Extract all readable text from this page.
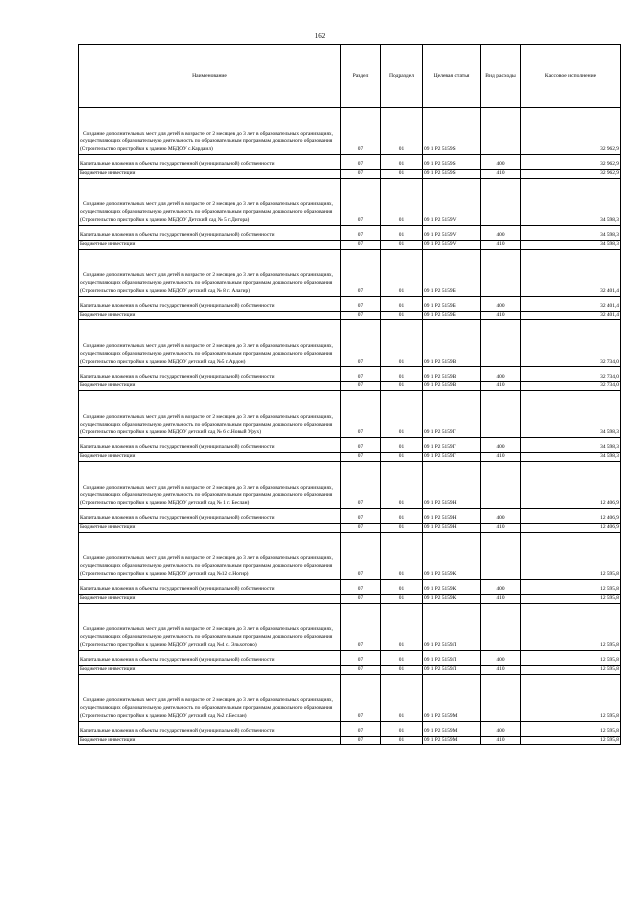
162
Наименование	Раздел	Подраздел	Целевая статья	Вид расходы	Кассовое исполнение
Создание дополнительных мест для детей в возрасте от 2 месяцев до 3 лет в образовательных организациях, осуществляющих образовательную деятельность по образовательным программам дошкольного образования (Строительство пристройки к зданию МБДОУ с.Кардаил)	07	01	09 1 P2 5159S		32 962,9
Капитальные вложения в объекты государственной (муниципальной) собственности	07	01	09 1 P2 5159S	400	32 962,9
Бюджетные инвестиции	07	01	09 1 P2 5159S	410	32 962,9
Создание дополнительных мест для детей в возрасте от 2 месяцев до 3 лет в образовательных организациях, осуществляющих образовательную деятельность по образовательным программам дошкольного образования (Строительство пристройки к зданию МБДОУ Детский сад № 5 г.Дигора)	07	01	09 1 P2 5159V		34 598,3
Капитальные вложения в объекты государственной (муниципальной) собственности	07	01	09 1 P2 5159V	400	34 598,3
Бюджетные инвестиции	07	01	09 1 P2 5159V	410	34 598,3
Создание дополнительных мест для детей в возрасте от 2 месяцев до 3 лет в образовательных организациях, осуществляющих образовательную деятельность по образовательным программам дошкольного образования (Строительство пристройки к зданию МБДОУ детский сад № 8 г. Алагир)	07	01	09 1 P2 5159Б		32 401,4
Капитальные вложения в объекты государственной (муниципальной) собственности	07	01	09 1 P2 5159Б	400	32 401,4
Бюджетные инвестиции	07	01	09 1 P2 5159Б	410	32 401,4
Создание дополнительных мест для детей в возрасте от 2 месяцев до 3 лет в образовательных организациях, осуществляющих образовательную деятельность по образовательным программам дошкольного образования (Строительство пристройки к зданию МБДОУ детский сад №5 г.Ардон)	07	01	09 1 P2 5159В		32 734,0
Капитальные вложения в объекты государственной (муниципальной) собственности	07	01	09 1 P2 5159В	400	32 734,0
Бюджетные инвестиции	07	01	09 1 P2 5159В	410	32 734,0
Создание дополнительных мест для детей в возрасте от 2 месяцев до 3 лет в образовательных организациях, осуществляющих образовательную деятельность по образовательным программам дошкольного образования (Строительство пристройки к зданию МБДОУ детский сад № 6 с.Новый Урух)	07	01	09 1 P2 5159Г		34 598,3
Капитальные вложения в объекты государственной (муниципальной) собственности	07	01	09 1 P2 5159Г	400	34 598,3
Бюджетные инвестиции	07	01	09 1 P2 5159Г	410	34 598,3
Создание дополнительных мест для детей в возрасте от 2 месяцев до 3 лет в образовательных организациях, осуществляющих образовательную деятельность по образовательным программам дошкольного образования (Строительство пристройки к зданию МБДОУ детский сад № 1 г. Беслан)	07	01	09 1 P2 5159Н		12 406,9
Капитальные вложения в объекты государственной (муниципальной) собственности	07	01	09 1 P2 5159Н	400	12 406,9
Бюджетные инвестиции	07	01	09 1 P2 5159Н	410	12 406,9
Создание дополнительных мест для детей в возрасте от 2 месяцев до 3 лет в образовательных организациях, осуществляющих образовательную деятельность по образовательным программам дошкольного образования (Строительство пристройки к зданию МБДОУ детский сад №12 с.Ногир)	07	01	09 1 P2 5159К		12 595,8
Капитальные вложения в объекты государственной (муниципальной) собственности	07	01	09 1 P2 5159К	400	12 595,8
Бюджетные инвестиции	07	01	09 1 P2 5159К	410	12 595,8
Создание дополнительных мест для детей в возрасте от 2 месяцев до 3 лет в образовательных организациях, осуществляющих образовательную деятельность по образовательным программам дошкольного образования (Строительство пристройки к зданию МБДОУ детский сад №4 с. Эльхотово)	07	01	09 1 P2 5159Л		12 595,8
Капитальные вложения в объекты государственной (муниципальной) собственности	07	01	09 1 P2 5159Л	400	12 595,8
Бюджетные инвестиции	07	01	09 1 P2 5159Л	410	12 595,8
Создание дополнительных мест для детей в возрасте от 2 месяцев до 3 лет в образовательных организациях, осуществляющих образовательную деятельность по образовательным программам дошкольного образования (Строительство пристройки к зданию МБДОУ детский сад №2 г.Беслан)	07	01	09 1 P2 5159М		12 595,8
Капитальные вложения в объекты государственной (муниципальной) собственности	07	01	09 1 P2 5159М	400	12 595,8
Бюджетные инвестиции	07	01	09 1 P2 5159М	410	12 595,8
